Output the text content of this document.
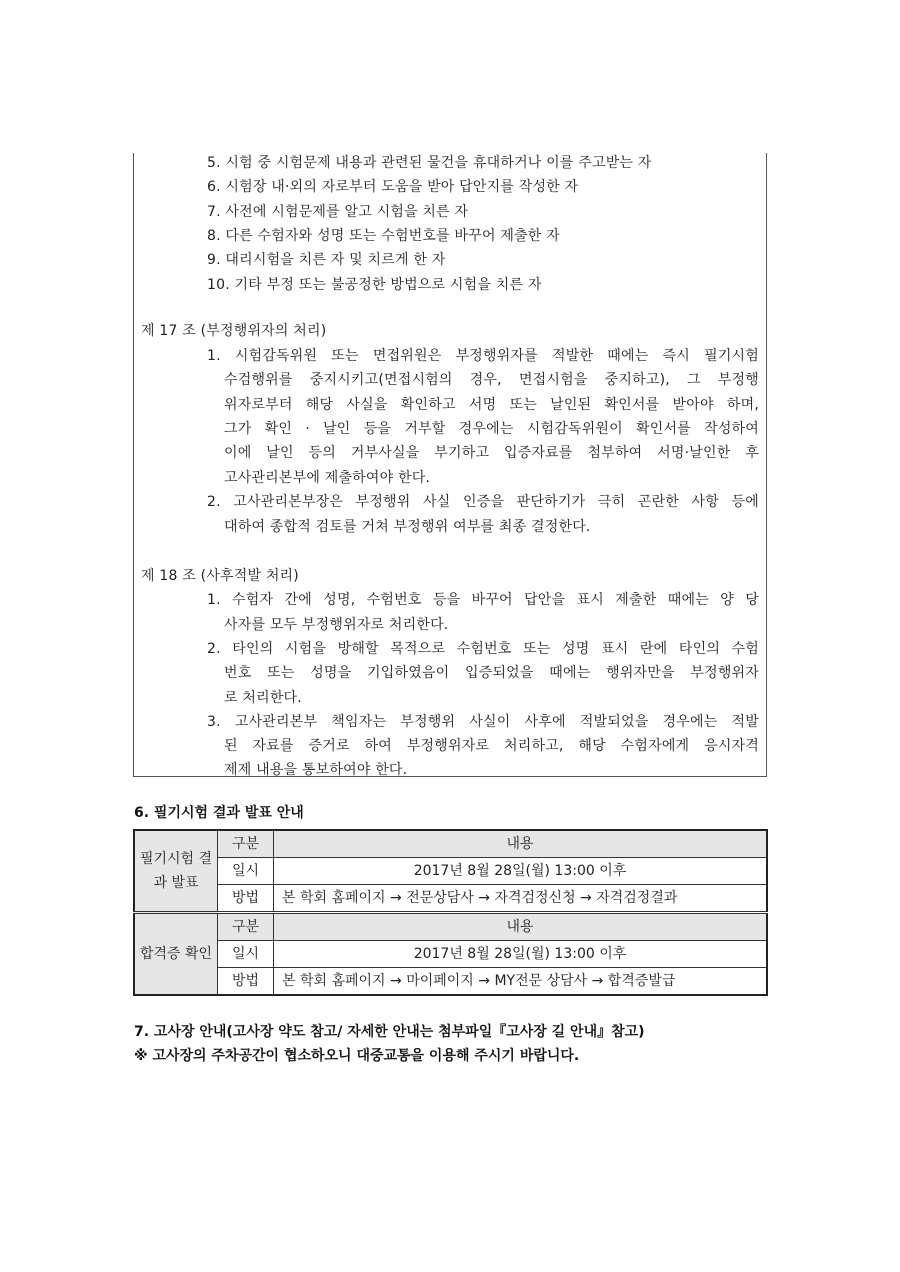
5. 시험 중 시험문제 내용과 관련된 물건을 휴대하거나 이를 주고받는 자
6. 시험장 내·외의 자로부터 도움을 받아 답안지를 작성한 자
7. 사전에 시험문제를 알고 시험을 치른 자
8. 다른 수험자와 성명 또는 수험번호를 바꾸어 제출한 자
9. 대리시험을 치른 자 및 치르게 한 자
10. 기타 부정 또는 불공정한 방법으로 시험을 치른 자
제 17 조 (부정행위자의 처리)
1. 시험감독위원 또는 면접위원은 부정행위자를 적발한 때에는 즉시 필기시험
수검행위를 중지시키고(면접시험의 경우, 면접시험을 중지하고), 그 부정행
위자로부터 해당 사실을 확인하고 서명 또는 날인된 확인서를 받아야 하며,
그가 확인 · 날인 등을 거부할 경우에는 시험감독위원이 확인서를 작성하여
이에 날인 등의 거부사실을 부기하고 입증자료를 첨부하여 서명·날인한 후
고사관리본부에 제출하여야 한다.
2. 고사관리본부장은 부정행위 사실 인증을 판단하기가 극히 곤란한 사항 등에
대하여 종합적 검토를 거쳐 부정행위 여부를 최종 결정한다.
제 18 조 (사후적발 처리)
1. 수험자 간에 성명, 수험번호 등을 바꾸어 답안을 표시 제출한 때에는 양 당
사자를 모두 부정행위자로 처리한다.
2. 타인의 시험을 방해할 목적으로 수험번호 또는 성명 표시 란에 타인의 수험
번호 또는 성명을 기입하였음이 입증되었을 때에는 행위자만을 부정행위자
로 처리한다.
3. 고사관리본부 책임자는 부정행위 사실이 사후에 적발되었을 경우에는 적발
된 자료를 증거로 하여 부정행위자로 처리하고, 해당 수험자에게 응시자격
제제 내용을 통보하여야 한다.
6. 필기시험 결과 발표 안내
필기시험 결과 발표	구분	내용
	일시	2017년 8월 28일(월) 13:00 이후
	방법	본 학회 홈페이지 → 전문상담사 → 자격검정신청 → 자격검정결과
합격증 확인	구분	내용
	일시	2017년 8월 28일(월) 13:00 이후
	방법	본 학회 홈페이지 → 마이페이지 → MY전문 상담사 → 합격증발급
7. 고사장 안내(고사장 약도 참고/ 자세한 안내는 첨부파일『고사장 길 안내』참고)
※ 고사장의 주차공간이 협소하오니 대중교통을 이용해 주시기 바랍니다.
